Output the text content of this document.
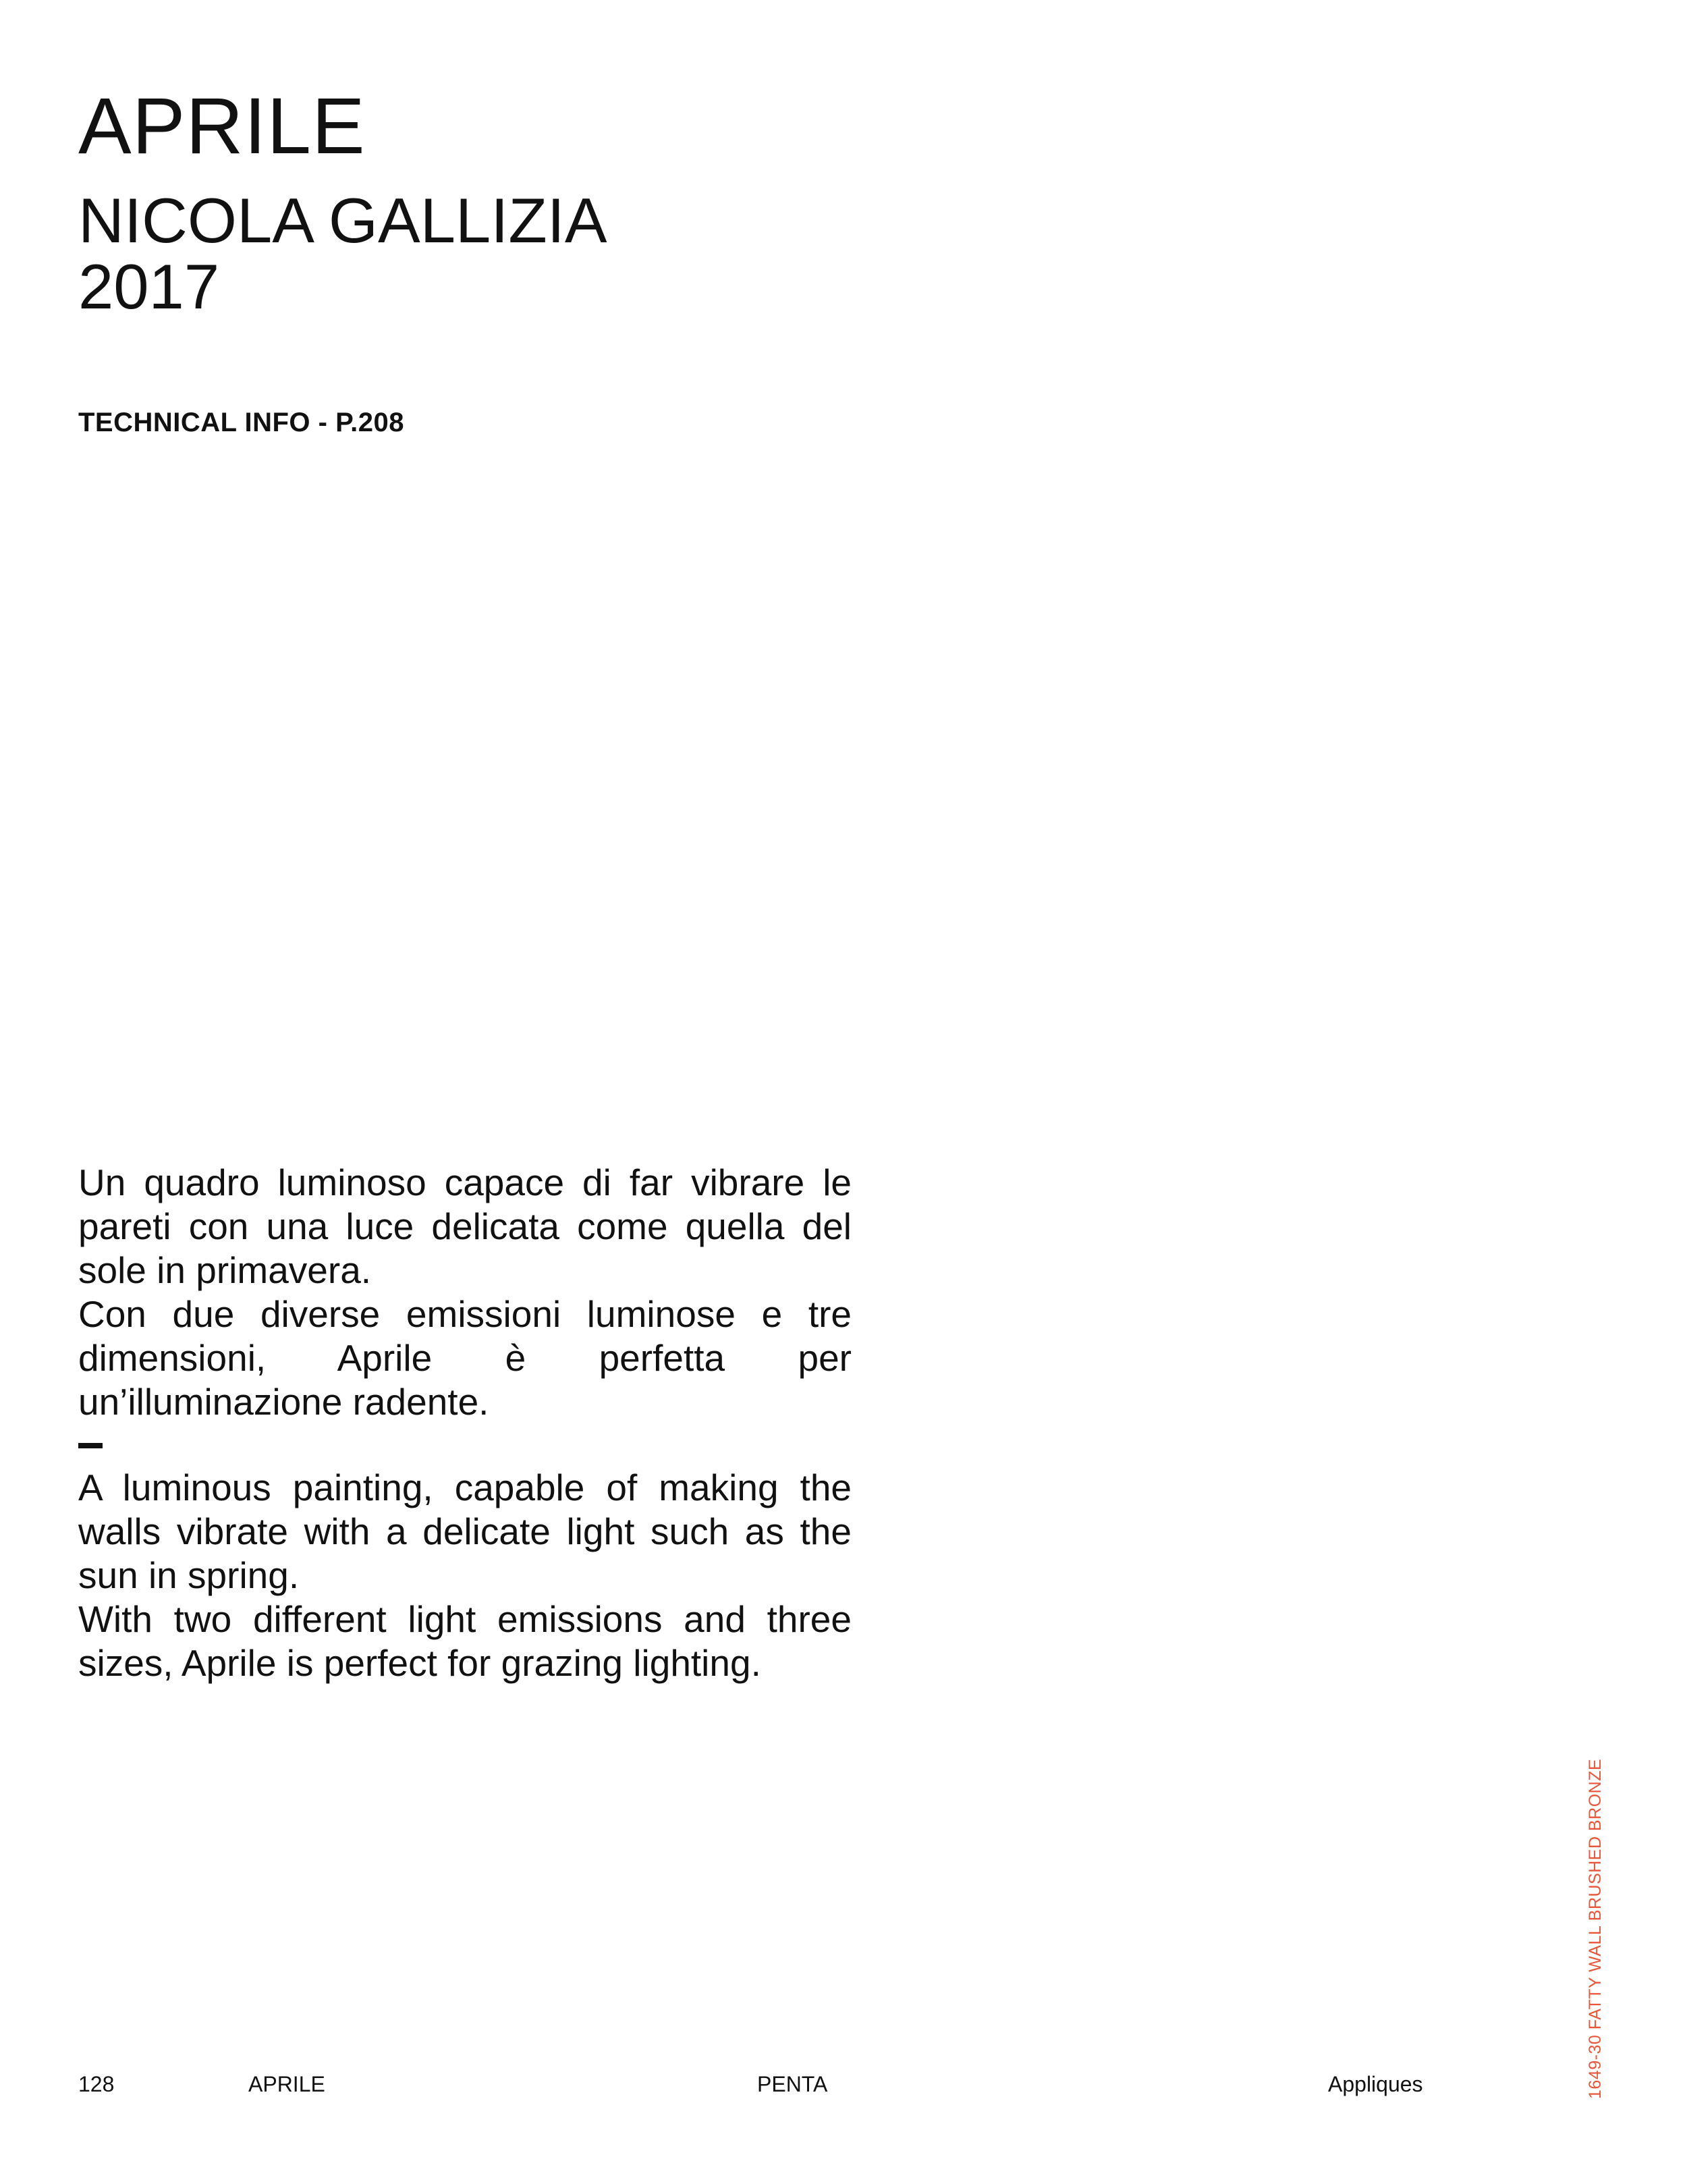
APRILE
NICOLA GALLIZIA
2017
TECHNICAL INFO - P.208

Un quadro luminoso capace di far vibrare le pareti con una luce delicata come quella del sole in primavera.

Con due diverse emissioni luminose e tre dimensioni, Aprile è perfetta per un’illuminazione radente.

A luminous painting, capable of making the walls vibrate with a delicate light such as the sun in spring.

With two different light emissions and three sizes, Aprile is perfect for grazing lighting.

128	APRILE	PENTA	Appliques	1649-30 FATTY WALL BRUSHED BRONZE
